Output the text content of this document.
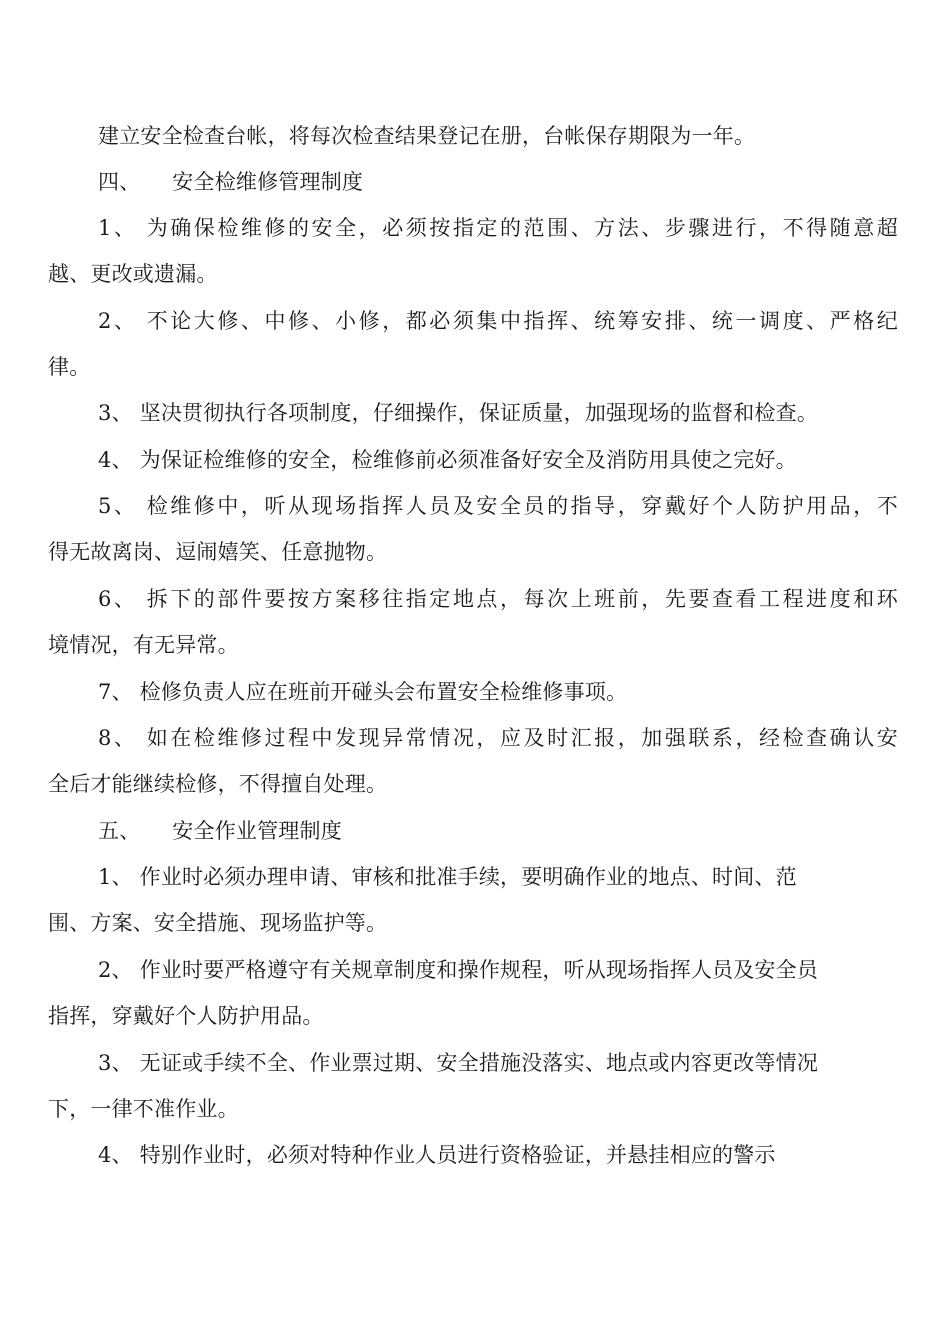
建立安全检查台帐，将每次检查结果登记在册，台帐保存期限为一年。
四、　　安全检维修管理制度
1、 为确保检维修的安全，必须按指定的范围、方法、步骤进行，不得随意超
越、更改或遗漏。
2、 不论大修、中修、小修，都必须集中指挥、统筹安排、统一调度、严格纪
律。
3、 坚决贯彻执行各项制度，仔细操作，保证质量，加强现场的监督和检查。
4、 为保证检维修的安全，检维修前必须准备好安全及消防用具使之完好。
5、 检维修中，听从现场指挥人员及安全员的指导，穿戴好个人防护用品，不
得无故离岗、逗闹嬉笑、任意抛物。
6、 拆下的部件要按方案移往指定地点，每次上班前，先要查看工程进度和环
境情况，有无异常。
7、 检修负责人应在班前开碰头会布置安全检维修事项。
8、 如在检维修过程中发现异常情况，应及时汇报，加强联系，经检查确认安
全后才能继续检修，不得擅自处理。
五、　　安全作业管理制度
1、 作业时必须办理申请、审核和批准手续，要明确作业的地点、时间、范
围、方案、安全措施、现场监护等。
2、 作业时要严格遵守有关规章制度和操作规程，听从现场指挥人员及安全员
指挥，穿戴好个人防护用品。
3、 无证或手续不全、作业票过期、安全措施没落实、地点或内容更改等情况
下，一律不准作业。
4、 特别作业时，必须对特种作业人员进行资格验证，并悬挂相应的警示
